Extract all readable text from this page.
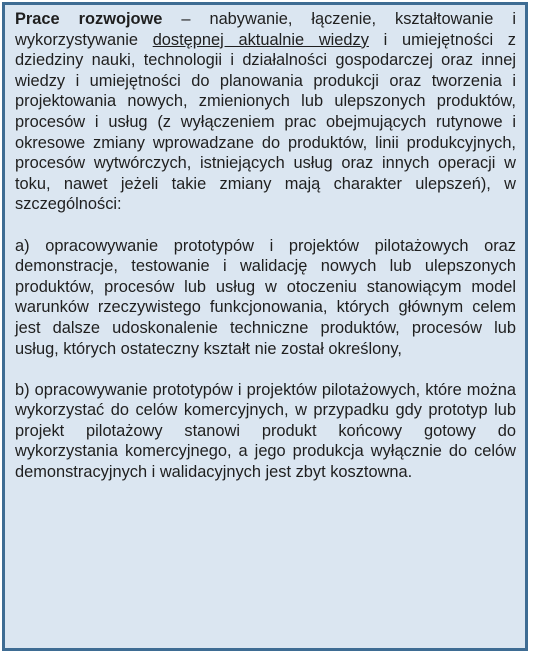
Prace rozwojowe – nabywanie, łączenie, kształtowanie i wykorzystywanie dostępnej aktualnie wiedzy i umiejętności z dziedziny nauki, technologii i działalności gospodarczej oraz innej wiedzy i umiejętności do planowania produkcji oraz tworzenia i projektowania nowych, zmienionych lub ulepszonych produktów, procesów i usług (z wyłączeniem prac obejmujących rutynowe i okresowe zmiany wprowadzane do produktów, linii produkcyjnych, procesów wytwórczych, istniejących usług oraz innych operacji w toku, nawet jeżeli takie zmiany mają charakter ulepszeń), w szczególności:

a) opracowywanie prototypów i projektów pilotażowych oraz demonstracje, testowanie i walidację nowych lub ulepszonych produktów, procesów lub usług w otoczeniu stanowiącym model warunków rzeczywistego funkcjonowania, których głównym celem jest dalsze udoskonalenie techniczne produktów, procesów lub usług, których ostateczny kształt nie został określony,

b) opracowywanie prototypów i projektów pilotażowych, które można wykorzystać do celów komercyjnych, w przypadku gdy prototyp lub projekt pilotażowy stanowi produkt końcowy gotowy do wykorzystania komercyjnego, a jego produkcja wyłącznie do celów demonstracyjnych i walidacyjnych jest zbyt kosztowna.
